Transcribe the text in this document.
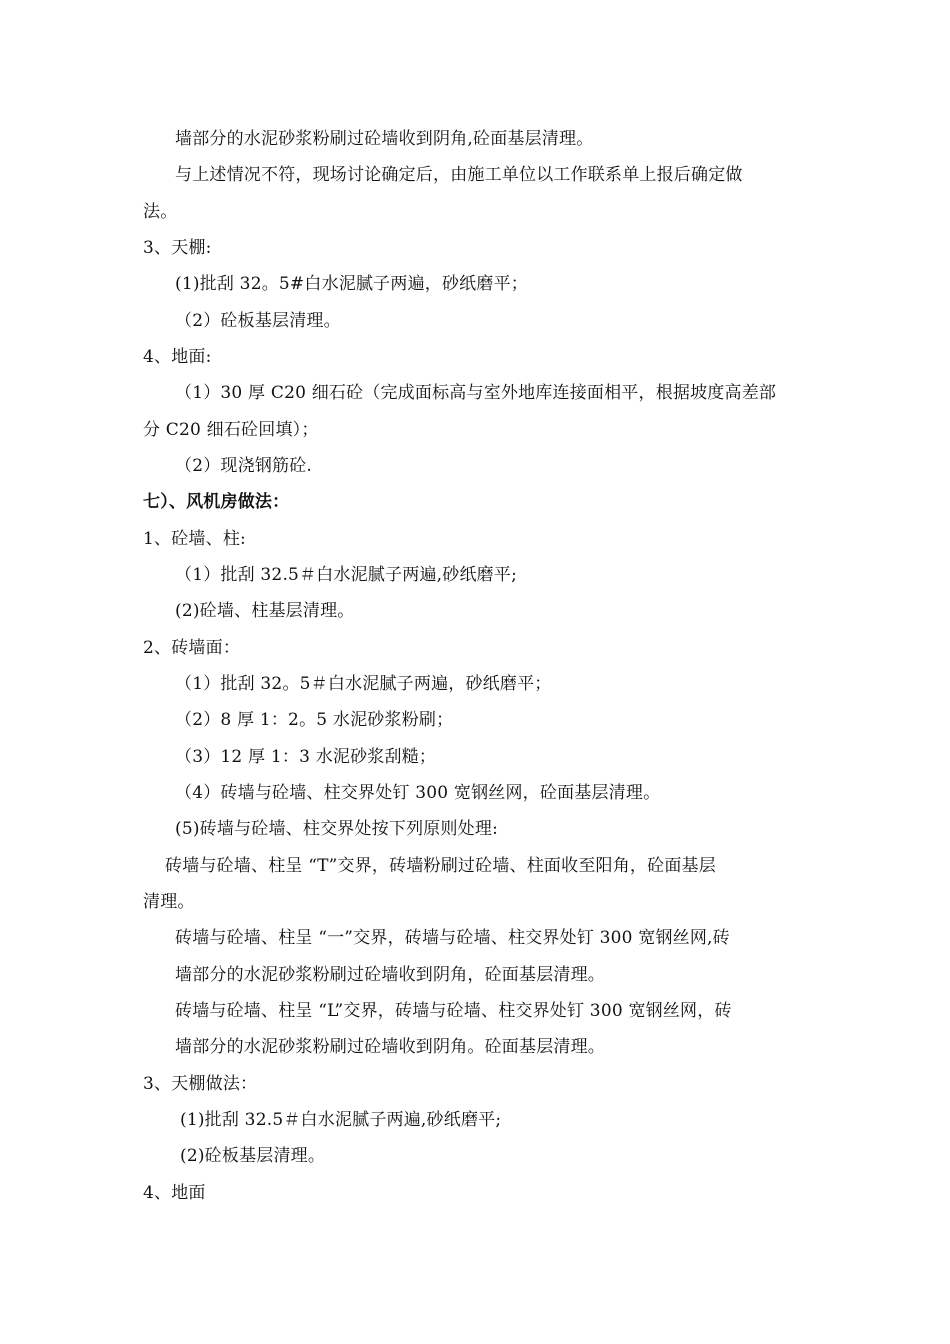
墙部分的水泥砂浆粉刷过砼墙收到阴角,砼面基层清理。
与上述情况不符，现场讨论确定后，由施工单位以工作联系单上报后确定做
法。
3、天棚:
(1)批刮 32。5#白水泥腻子两遍，砂纸磨平；
（2）砼板基层清理。
4、地面:
（1）30 厚 C20 细石砼（完成面标高与室外地库连接面相平，根据坡度高差部
分 C20 细石砼回填）；
（2）现浇钢筋砼.
七）、风机房做法：
1、砼墙、柱:
（1）批刮 32.5＃白水泥腻子两遍,砂纸磨平;
(2)砼墙、柱基层清理。
2、砖墙面：
（1）批刮 32。5＃白水泥腻子两遍，砂纸磨平；
（2）8 厚 1：2。5 水泥砂浆粉刷；
（3）12 厚 1：3 水泥砂浆刮糙；
（4）砖墙与砼墙、柱交界处钉 300 宽钢丝网，砼面基层清理。
(5)砖墙与砼墙、柱交界处按下列原则处理:
砖墙与砼墙、柱呈 “T”交界，砖墙粉刷过砼墙、柱面收至阳角，砼面基层
清理。
砖墙与砼墙、柱呈 “一”交界，砖墙与砼墙、柱交界处钉 300 宽钢丝网,砖
墙部分的水泥砂浆粉刷过砼墙收到阴角，砼面基层清理。
砖墙与砼墙、柱呈 “L”交界，砖墙与砼墙、柱交界处钉 300 宽钢丝网，砖
墙部分的水泥砂浆粉刷过砼墙收到阴角。砼面基层清理。
3、天棚做法：
(1)批刮 32.5＃白水泥腻子两遍,砂纸磨平;
(2)砼板基层清理。
4、地面
